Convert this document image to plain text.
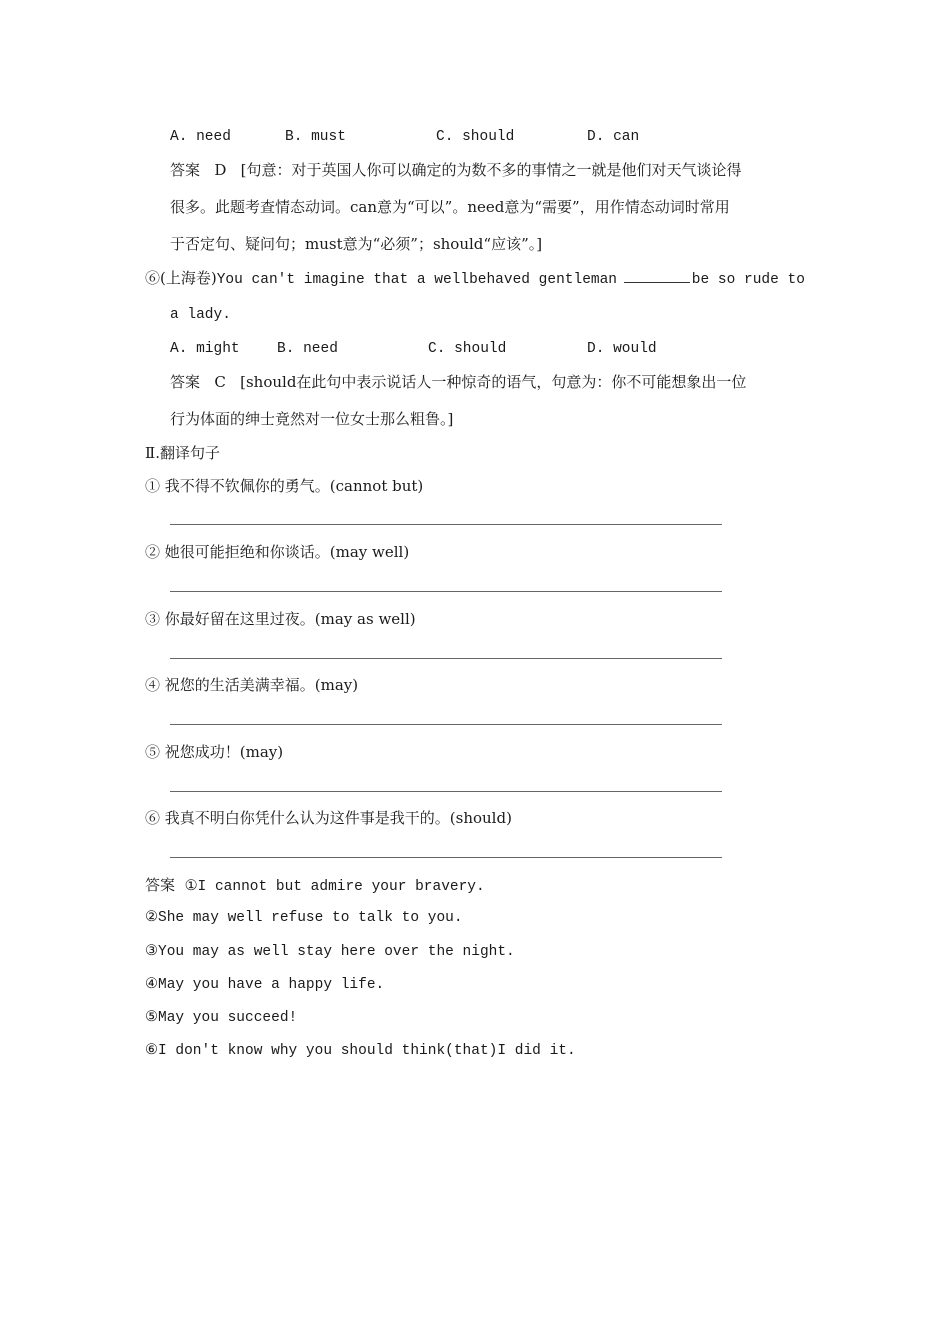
A. need	B. must	C. should	D. can
答案 D [句意：对于英国人你可以确定的为数不多的事情之一就是他们对天气谈论得
很多。此题考查情态动词。can意为“可以”。need意为“需要”，用作情态动词时常用
于否定句、疑问句；must意为“必须”；should“应该”。]
⑥(上海卷)You can't imagine that a wellbehaved gentleman	be so rude to
a lady.
A. might	B. need	C. should	D. would
答案 C [should在此句中表示说话人一种惊奇的语气，句意为：你不可能想象出一位
行为体面的绅士竟然对一位女士那么粗鲁。]
Ⅱ.翻译句子
① 我不得不钦佩你的勇气。(cannot but)
② 她很可能拒绝和你谈话。(may well)
③ 你最好留在这里过夜。(may as well)
④ 祝您的生活美满幸福。(may)
⑤ 祝您成功！(may)
⑥ 我真不明白你凭什么认为这件事是我干的。(should)
答案 ①I cannot but admire your bravery.
②She may well refuse to talk to you.
③You may as well stay here over the night.
④May you have a happy life.
⑤May you succeed!
⑥I don't know why you should think(that)I did it.
